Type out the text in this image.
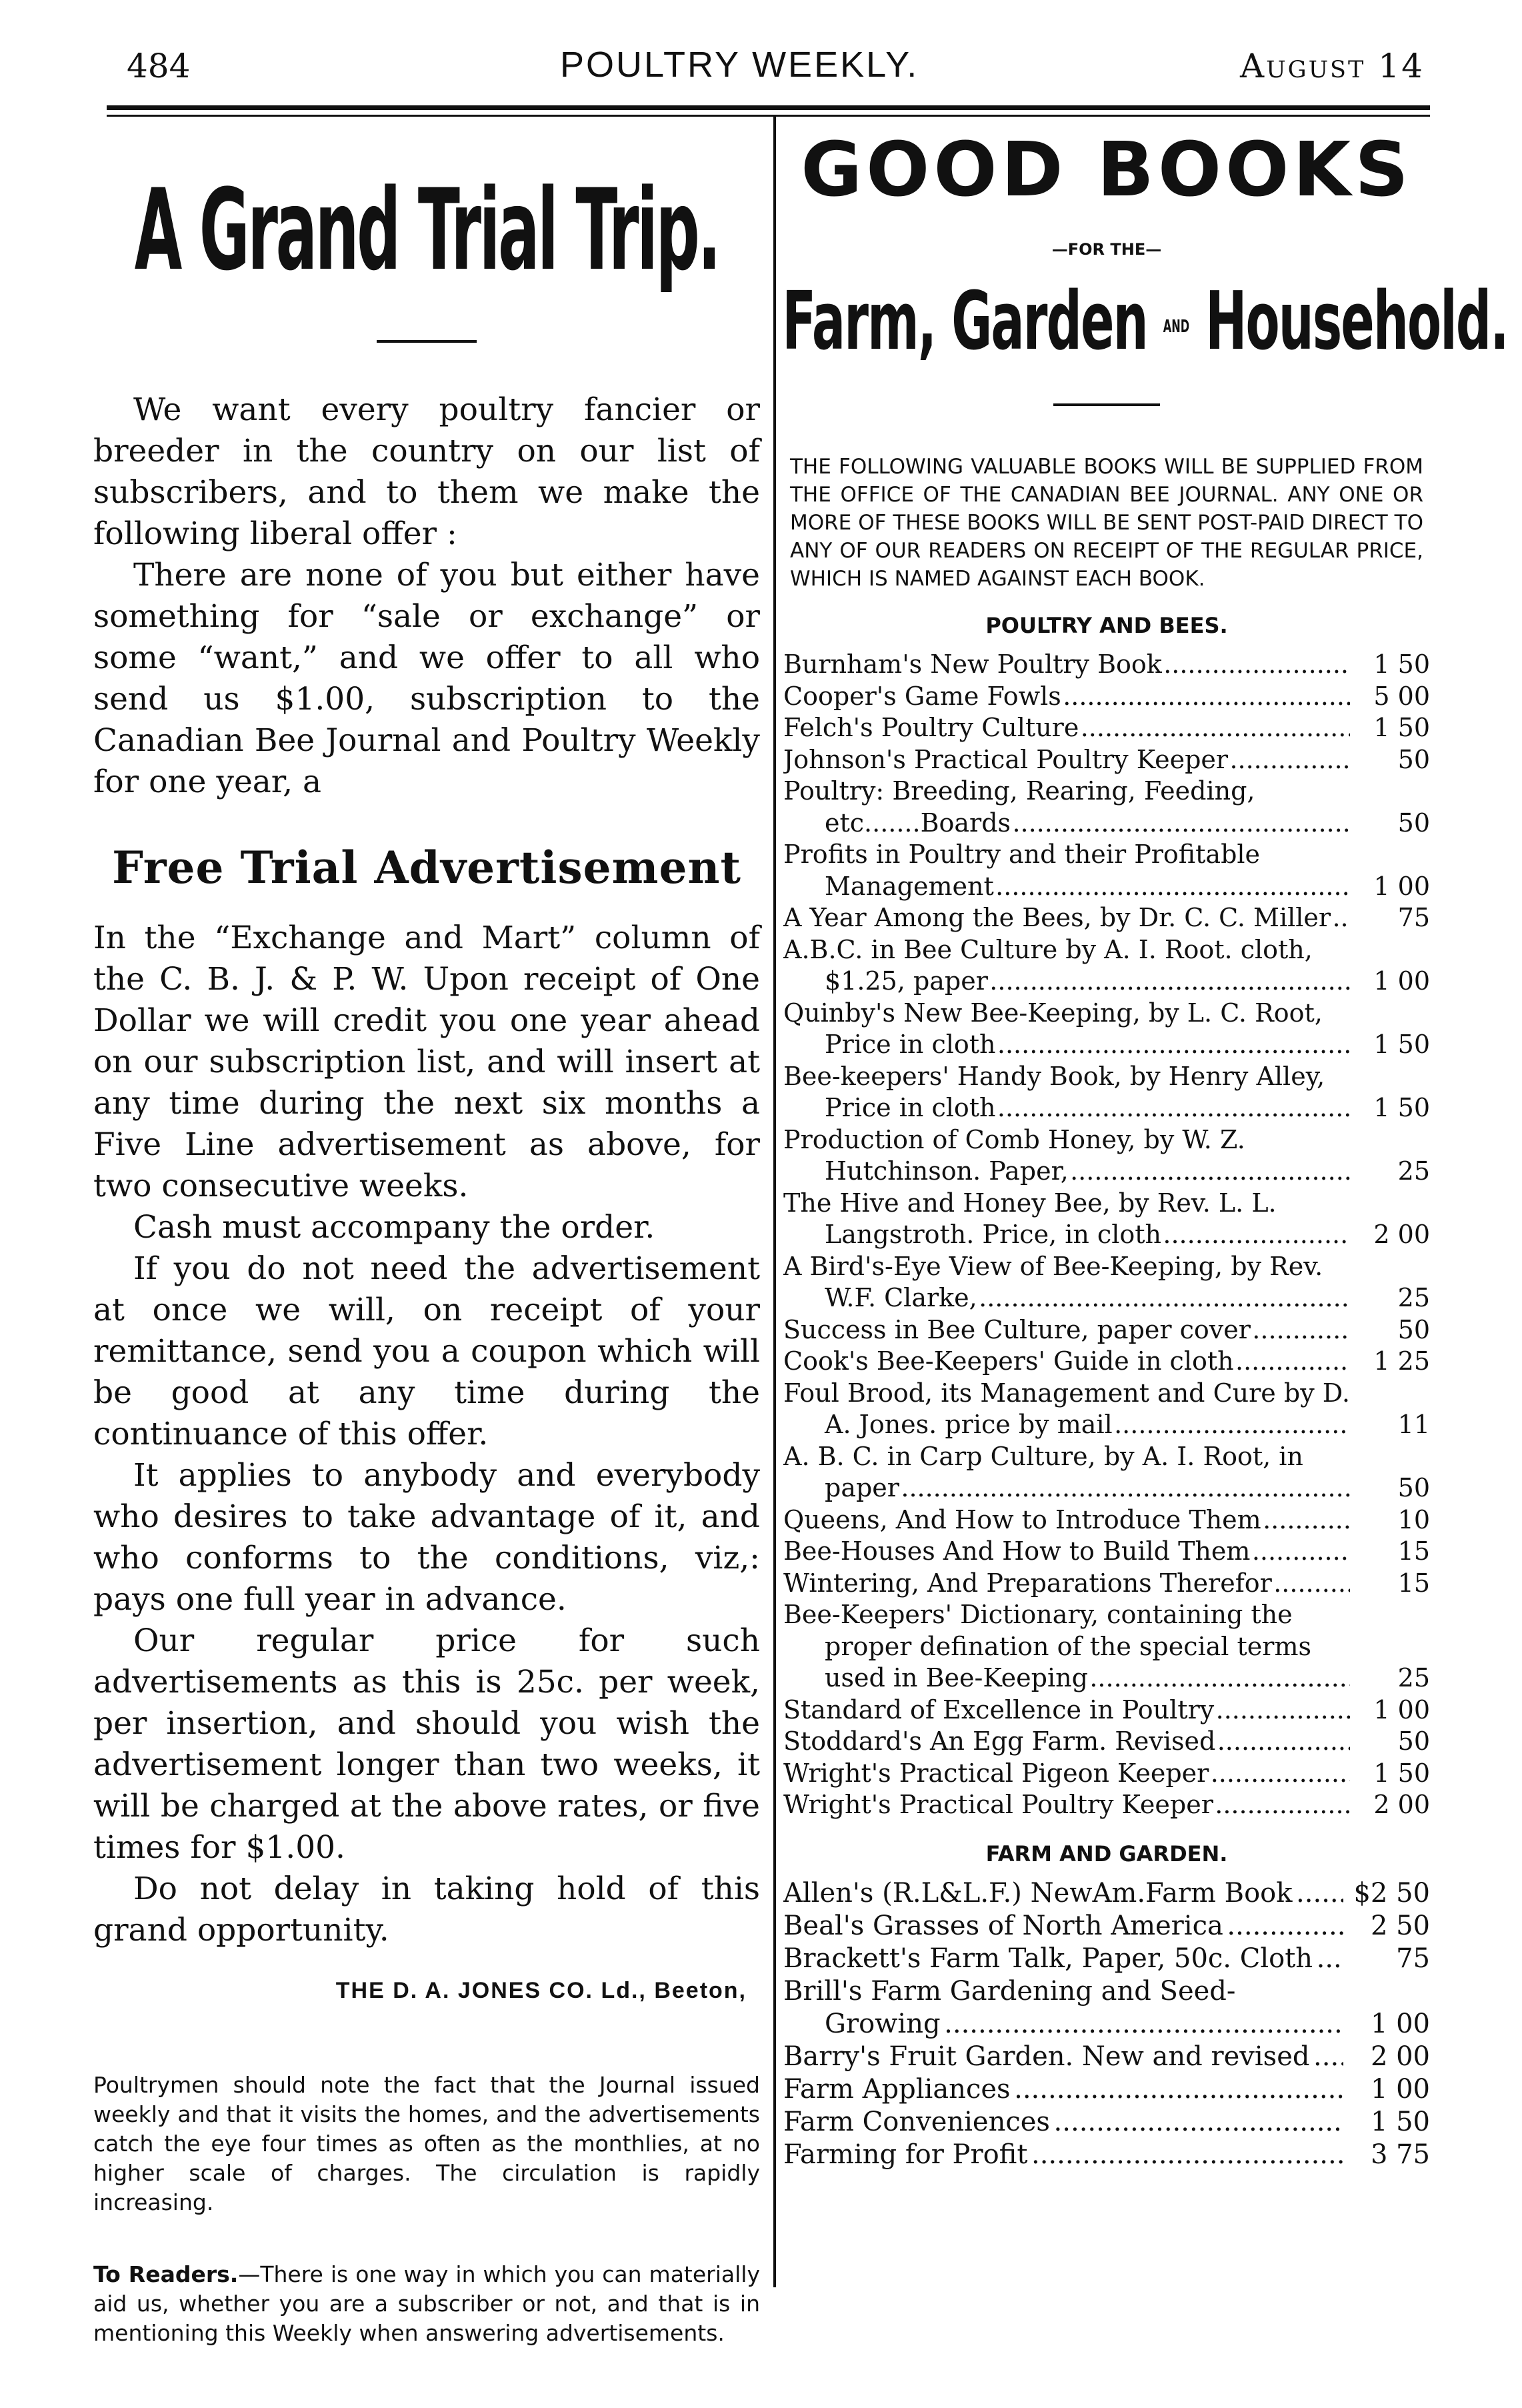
484	POULTRY WEEKLY.	August 14
A Grand Trial Trip.

We want every poultry fancier or breeder in the country on our list of subscribers, and to them we make the following liberal offer :

There are none of you but either have something for “sale or exchange” or some “want,” and we offer to all who send us $1.00, subscription to the Canadian Bee Journal and Poultry Weekly for one year, a

Free Trial Advertisement

In the “Exchange and Mart” column of the C. B. J. & P. W. Upon receipt of One Dollar we will credit you one year ahead on our subscription list, and will insert at any time during the next six months a Five Line advertisement as above, for two consecutive weeks.

Cash must accompany the order.

If you do not need the advertisement at once we will, on receipt of your remittance, send you a coupon which will be good at any time during the continuance of this offer.

It applies to anybody and everybody who desires to take advantage of it, and who conforms to the conditions, viz,: pays one full year in advance.

Our regular price for such advertisements as this is 25c. per week, per insertion, and should you wish the advertisement longer than two weeks, it will be charged at the above rates, or five times for $1.00.

Do not delay in taking hold of this grand opportunity.

THE D. A. JONES CO. Ld., Beeton,
Poultrymen should note the fact that the Journal issued weekly and that it visits the homes, and the advertisements catch the eye four times as often as the monthlies, at no higher scale of charges. The circulation is rapidly increasing.
To Readers.—There is one way in which you can materially aid us, whether you are a subscriber or not, and that is in mentioning this Weekly when answering advertisements.
GOOD BOOKS
—FOR THE—
Farm, Garden AND Household.
THE FOLLOWING VALUABLE BOOKS WILL BE SUPPLIED FROM THE OFFICE OF THE CANADIAN BEE JOURNAL. ANY ONE OR MORE OF THESE BOOKS WILL BE SENT POST-PAID DIRECT TO ANY OF OUR READERS ON RECEIPT OF THE REGULAR PRICE, WHICH IS NAMED AGAINST EACH BOOK.
POULTRY AND BEES.
Burnham's New Poultry Book .....	1 50
Cooper's Game Fowls .....	5 00
Felch's Poultry Culture .....	1 50
Johnson's Practical Poultry Keeper .....	50
Poultry: Breeding, Rearing, Feeding, etc.......Boards .....	50
Profits in Poultry and their Profitable Management .....	1 00
A Year Among the Bees, by Dr. C. C. Miller .....	75
A.B.C. in Bee Culture by A. I. Root. cloth, $1.25, paper .....	1 00
Quinby's New Bee-Keeping, by L. C. Root, Price in cloth .....	1 50
Bee-keepers' Handy Book, by Henry Alley, Price in cloth .....	1 50
Production of Comb Honey, by W. Z. Hutchinson. Paper, .....	25
The Hive and Honey Bee, by Rev. L. L. Langstroth. Price, in cloth .....	2 00
A Bird's-Eye View of Bee-Keeping, by Rev. W.F. Clarke, .....	25
Success in Bee Culture, paper cover .....	50
Cook's Bee-Keepers' Guide in cloth .....	1 25
Foul Brood, its Management and Cure by D. A. Jones. price by mail .....	11
A. B. C. in Carp Culture, by A. I. Root, in paper .....	50
Queens, And How to Introduce Them .....	10
Bee-Houses And How to Build Them .....	15
Wintering, And Preparations Therefor .....	15
Bee-Keepers' Dictionary, containing the proper defination of the special terms used in Bee-Keeping .....	25
Standard of Excellence in Poultry .....	1 00
Stoddard's An Egg Farm. Revised .....	50
Wright's Practical Pigeon Keeper .....	1 50
Wright's Practical Poultry Keeper .....	2 00
FARM AND GARDEN.
Allen's (R.L&L.F.) NewAm.Farm Book .....	$2 50
Beal's Grasses of North America .....	2 50
Brackett's Farm Talk, Paper, 50c. Cloth .....	75
Brill's Farm Gardening and Seed-Growing .....	1 00
Barry's Fruit Garden. New and revised .....	2 00
Farm Appliances .....	1 00
Farm Conveniences .....	1 50
Farming for Profit .....	3 75
